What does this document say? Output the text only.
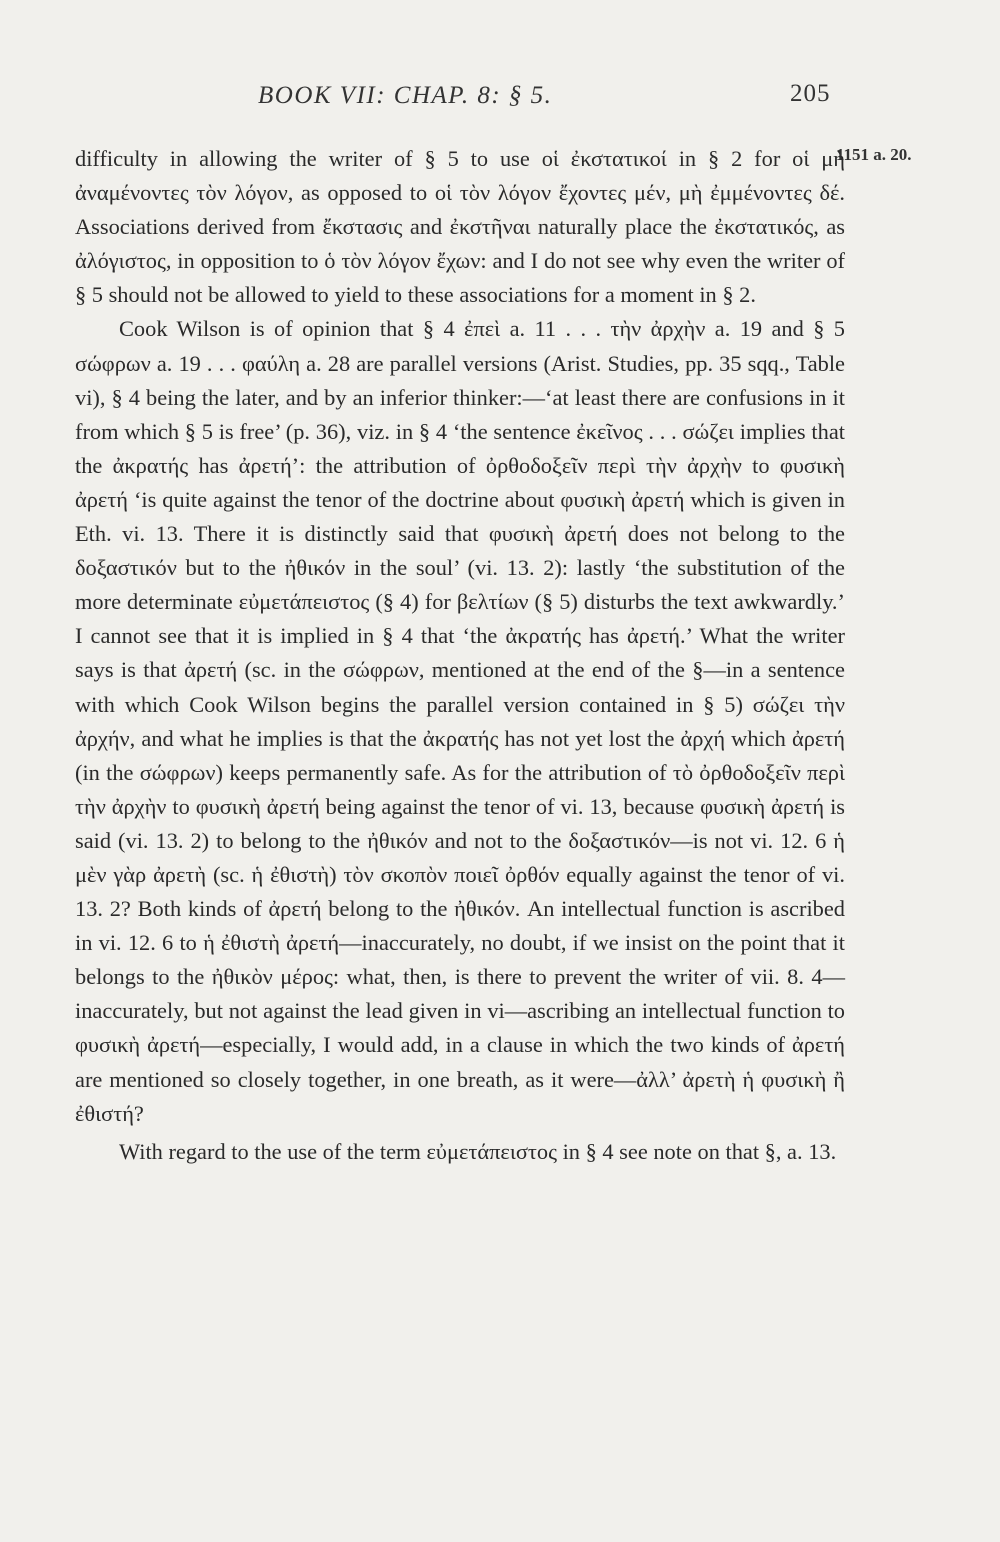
BOOK VII: CHAP. 8: § 5.	205
1151 a. 20.

difficulty in allowing the writer of § 5 to use οἱ ἐκστατικοί in § 2 for οἱ μὴ ἀναμένοντες τὸν λόγον, as opposed to οἱ τὸν λόγον ἔχοντες μέν, μὴ ἐμμένοντες δέ. Associations derived from ἔκστασις and ἐκστῆναι naturally place the ἐκστατικός, as ἀλόγιστος, in opposition to ὁ τὸν λόγον ἔχων: and I do not see why even the writer of § 5 should not be allowed to yield to these associations for a moment in § 2.

Cook Wilson is of opinion that § 4 ἐπεὶ a. 11 . . . τὴν ἀρχὴν a. 19 and § 5 σώφρων a. 19 . . . φαύλη a. 28 are parallel versions (Arist. Studies, pp. 35 sqq., Table vi), § 4 being the later, and by an inferior thinker:—‘at least there are confusions in it from which § 5 is free’ (p. 36), viz. in § 4 ‘the sentence ἐκεῖνος . . . σώζει implies that the ἀκρατής has ἀρετή’: the attribution of ὀρθοδοξεῖν περὶ τὴν ἀρχὴν to φυσικὴ ἀρετή ‘is quite against the tenor of the doctrine about φυσικὴ ἀρετή which is given in Eth. vi. 13. There it is distinctly said that φυσικὴ ἀρετή does not belong to the δοξαστικόν but to the ἠθικόν in the soul’ (vi. 13. 2): lastly ‘the substitution of the more determinate εὐμετάπειστος (§ 4) for βελτίων (§ 5) disturbs the text awkwardly.’ I cannot see that it is implied in § 4 that ‘the ἀκρατής has ἀρετή.’ What the writer says is that ἀρετή (sc. in the σώφρων, mentioned at the end of the §—in a sentence with which Cook Wilson begins the parallel version contained in § 5) σώζει τὴν ἀρχήν, and what he implies is that the ἀκρατής has not yet lost the ἀρχή which ἀρετή (in the σώφρων) keeps permanently safe. As for the attribution of τὸ ὀρθοδοξεῖν περὶ τὴν ἀρχὴν to φυσικὴ ἀρετή being against the tenor of vi. 13, because φυσικὴ ἀρετή is said (vi. 13. 2) to belong to the ἠθικόν and not to the δοξαστικόν—is not vi. 12. 6 ἡ μὲν γὰρ ἀρετὴ (sc. ἡ ἐθιστὴ) τὸν σκοπὸν ποιεῖ ὀρθόν equally against the tenor of vi. 13. 2? Both kinds of ἀρετή belong to the ἠθικόν. An intellectual function is ascribed in vi. 12. 6 to ἡ ἐθιστὴ ἀρετή—inaccurately, no doubt, if we insist on the point that it belongs to the ἠθικὸν μέρος: what, then, is there to prevent the writer of vii. 8. 4—inaccurately, but not against the lead given in vi—ascribing an intellectual function to φυσικὴ ἀρετή—especially, I would add, in a clause in which the two kinds of ἀρετή are mentioned so closely together, in one breath, as it were—ἀλλ’ ἀρετὴ ἡ φυσικὴ ἢ ἐθιστή?

With regard to the use of the term εὐμετάπειστος in § 4 see note on that §, a. 13.
